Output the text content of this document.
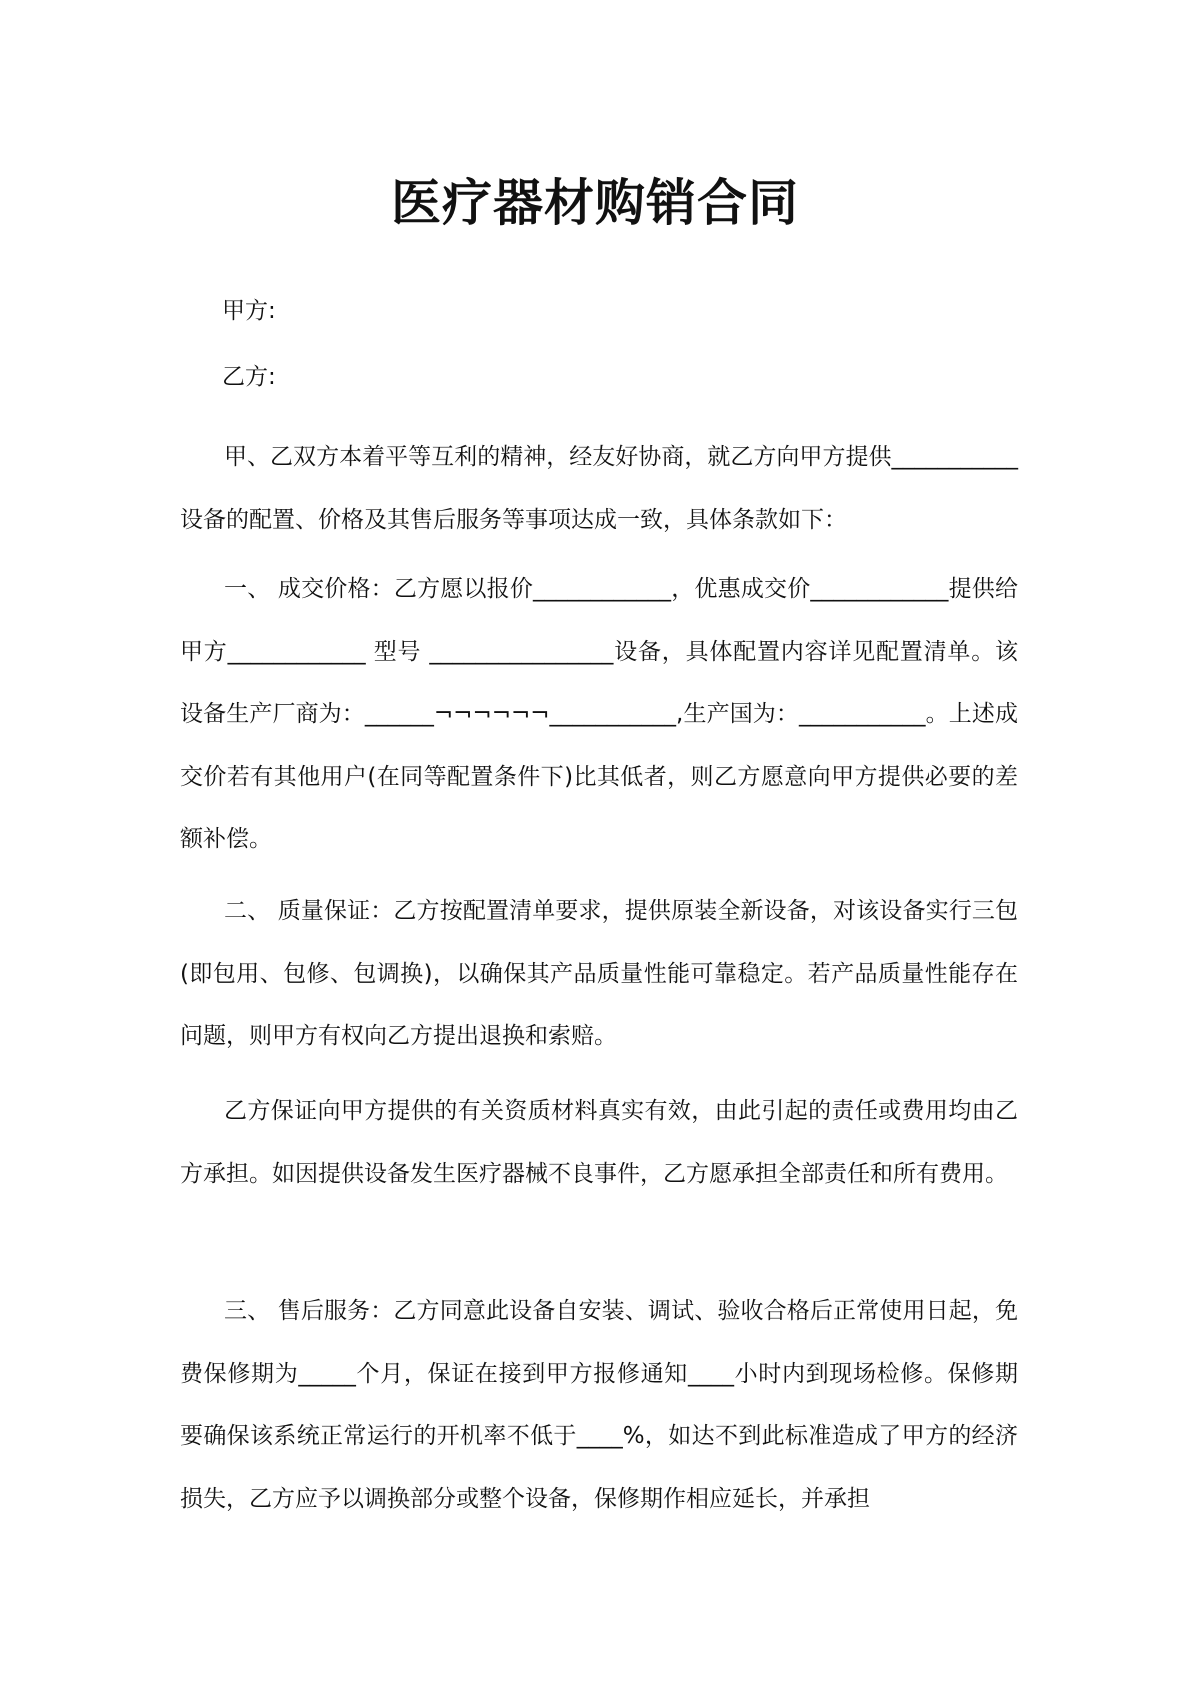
医疗器材购销合同
甲方:
乙方:

甲、乙双方本着平等互利的精神，经友好协商，就乙方向甲方提供___________设备的配置、价格及其售后服务等事项达成一致，具体条款如下：

一、 成交价格：乙方愿以报价____________，优惠成交价____________提供给甲方____________ 型号 ________________设备，具体配置内容详见配置清单。该设备生产厂商为：______¬¬¬¬¬¬___________,生产国为：___________。上述成交价若有其他用户(在同等配置条件下)比其低者，则乙方愿意向甲方提供必要的差额补偿。

二、 质量保证：乙方按配置清单要求，提供原装全新设备，对该设备实行三包(即包用、包修、包调换)，以确保其产品质量性能可靠稳定。若产品质量性能存在问题，则甲方有权向乙方提出退换和索赔。

乙方保证向甲方提供的有关资质材料真实有效，由此引起的责任或费用均由乙方承担。如因提供设备发生医疗器械不良事件，乙方愿承担全部责任和所有费用。

三、 售后服务：乙方同意此设备自安装、调试、验收合格后正常使用日起，免费保修期为_____个月，保证在接到甲方报修通知____小时内到现场检修。保修期要确保该系统正常运行的开机率不低于____%，如达不到此标准造成了甲方的经济损失，乙方应予以调换部分或整个设备，保修期作相应延长，并承担
